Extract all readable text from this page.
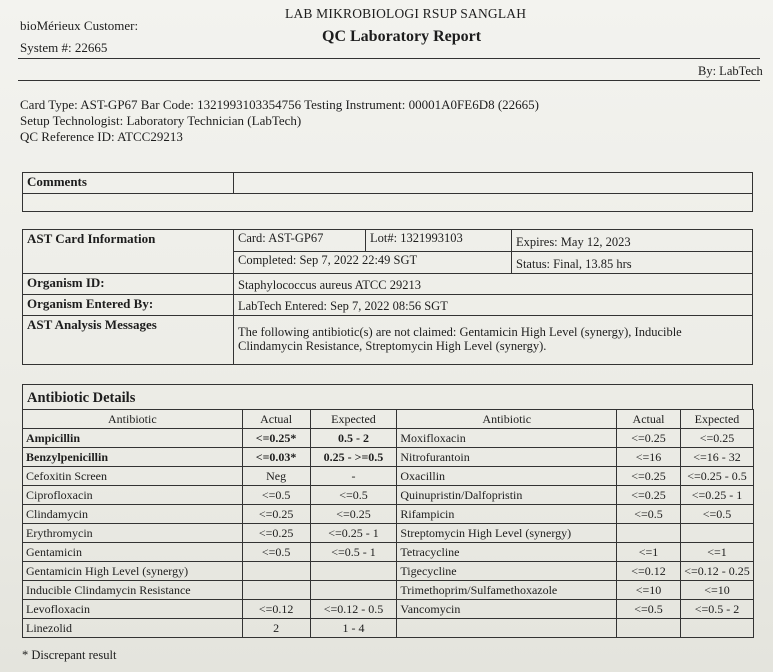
bioMérieux Customer:
LAB MIKROBIOLOGI RSUP SANGLAH
QC Laboratory Report
System #: 22665
By: LabTech
Card Type: AST-GP67 Bar Code: 1321993103354756 Testing Instrument: 00001A0FE6D8 (22665)
Setup Technologist: Laboratory Technician (LabTech)
QC Reference ID: ATCC29213
Comments
AST Card Information	Card: AST-GP67	Lot#: 1321993103	Expires: May 12, 2023
Completed: Sep 7, 2022 22:49 SGT	Status: Final, 13.85 hrs
Organism ID:	Staphylococcus aureus ATCC 29213
Organism Entered By:	LabTech Entered: Sep 7, 2022 08:56 SGT
AST Analysis Messages	The following antibiotic(s) are not claimed: Gentamicin High Level (synergy), Inducible
Clindamycin Resistance, Streptomycin High Level (synergy).
Antibiotic Details
Antibiotic	Actual	Expected	Antibiotic	Actual	Expected
Ampicillin	<=0.25*	0.5 - 2	Moxifloxacin	<=0.25	<=0.25
Benzylpenicillin	<=0.03*	0.25 - >=0.5	Nitrofurantoin	<=16	<=16 - 32
Cefoxitin Screen	Neg	-	Oxacillin	<=0.25	<=0.25 - 0.5
Ciprofloxacin	<=0.5	<=0.5	Quinupristin/Dalfopristin	<=0.25	<=0.25 - 1
Clindamycin	<=0.25	<=0.25	Rifampicin	<=0.5	<=0.5
Erythromycin	<=0.25	<=0.25 - 1	Streptomycin High Level (synergy)		
Gentamicin	<=0.5	<=0.5 - 1	Tetracycline	<=1	<=1
Gentamicin High Level (synergy)			Tigecycline	<=0.12	<=0.12 - 0.25
Inducible Clindamycin Resistance			Trimethoprim/Sulfamethoxazole	<=10	<=10
Levofloxacin	<=0.12	<=0.12 - 0.5	Vancomycin	<=0.5	<=0.5 - 2
Linezolid	2	1 - 4			
* Discrepant result
